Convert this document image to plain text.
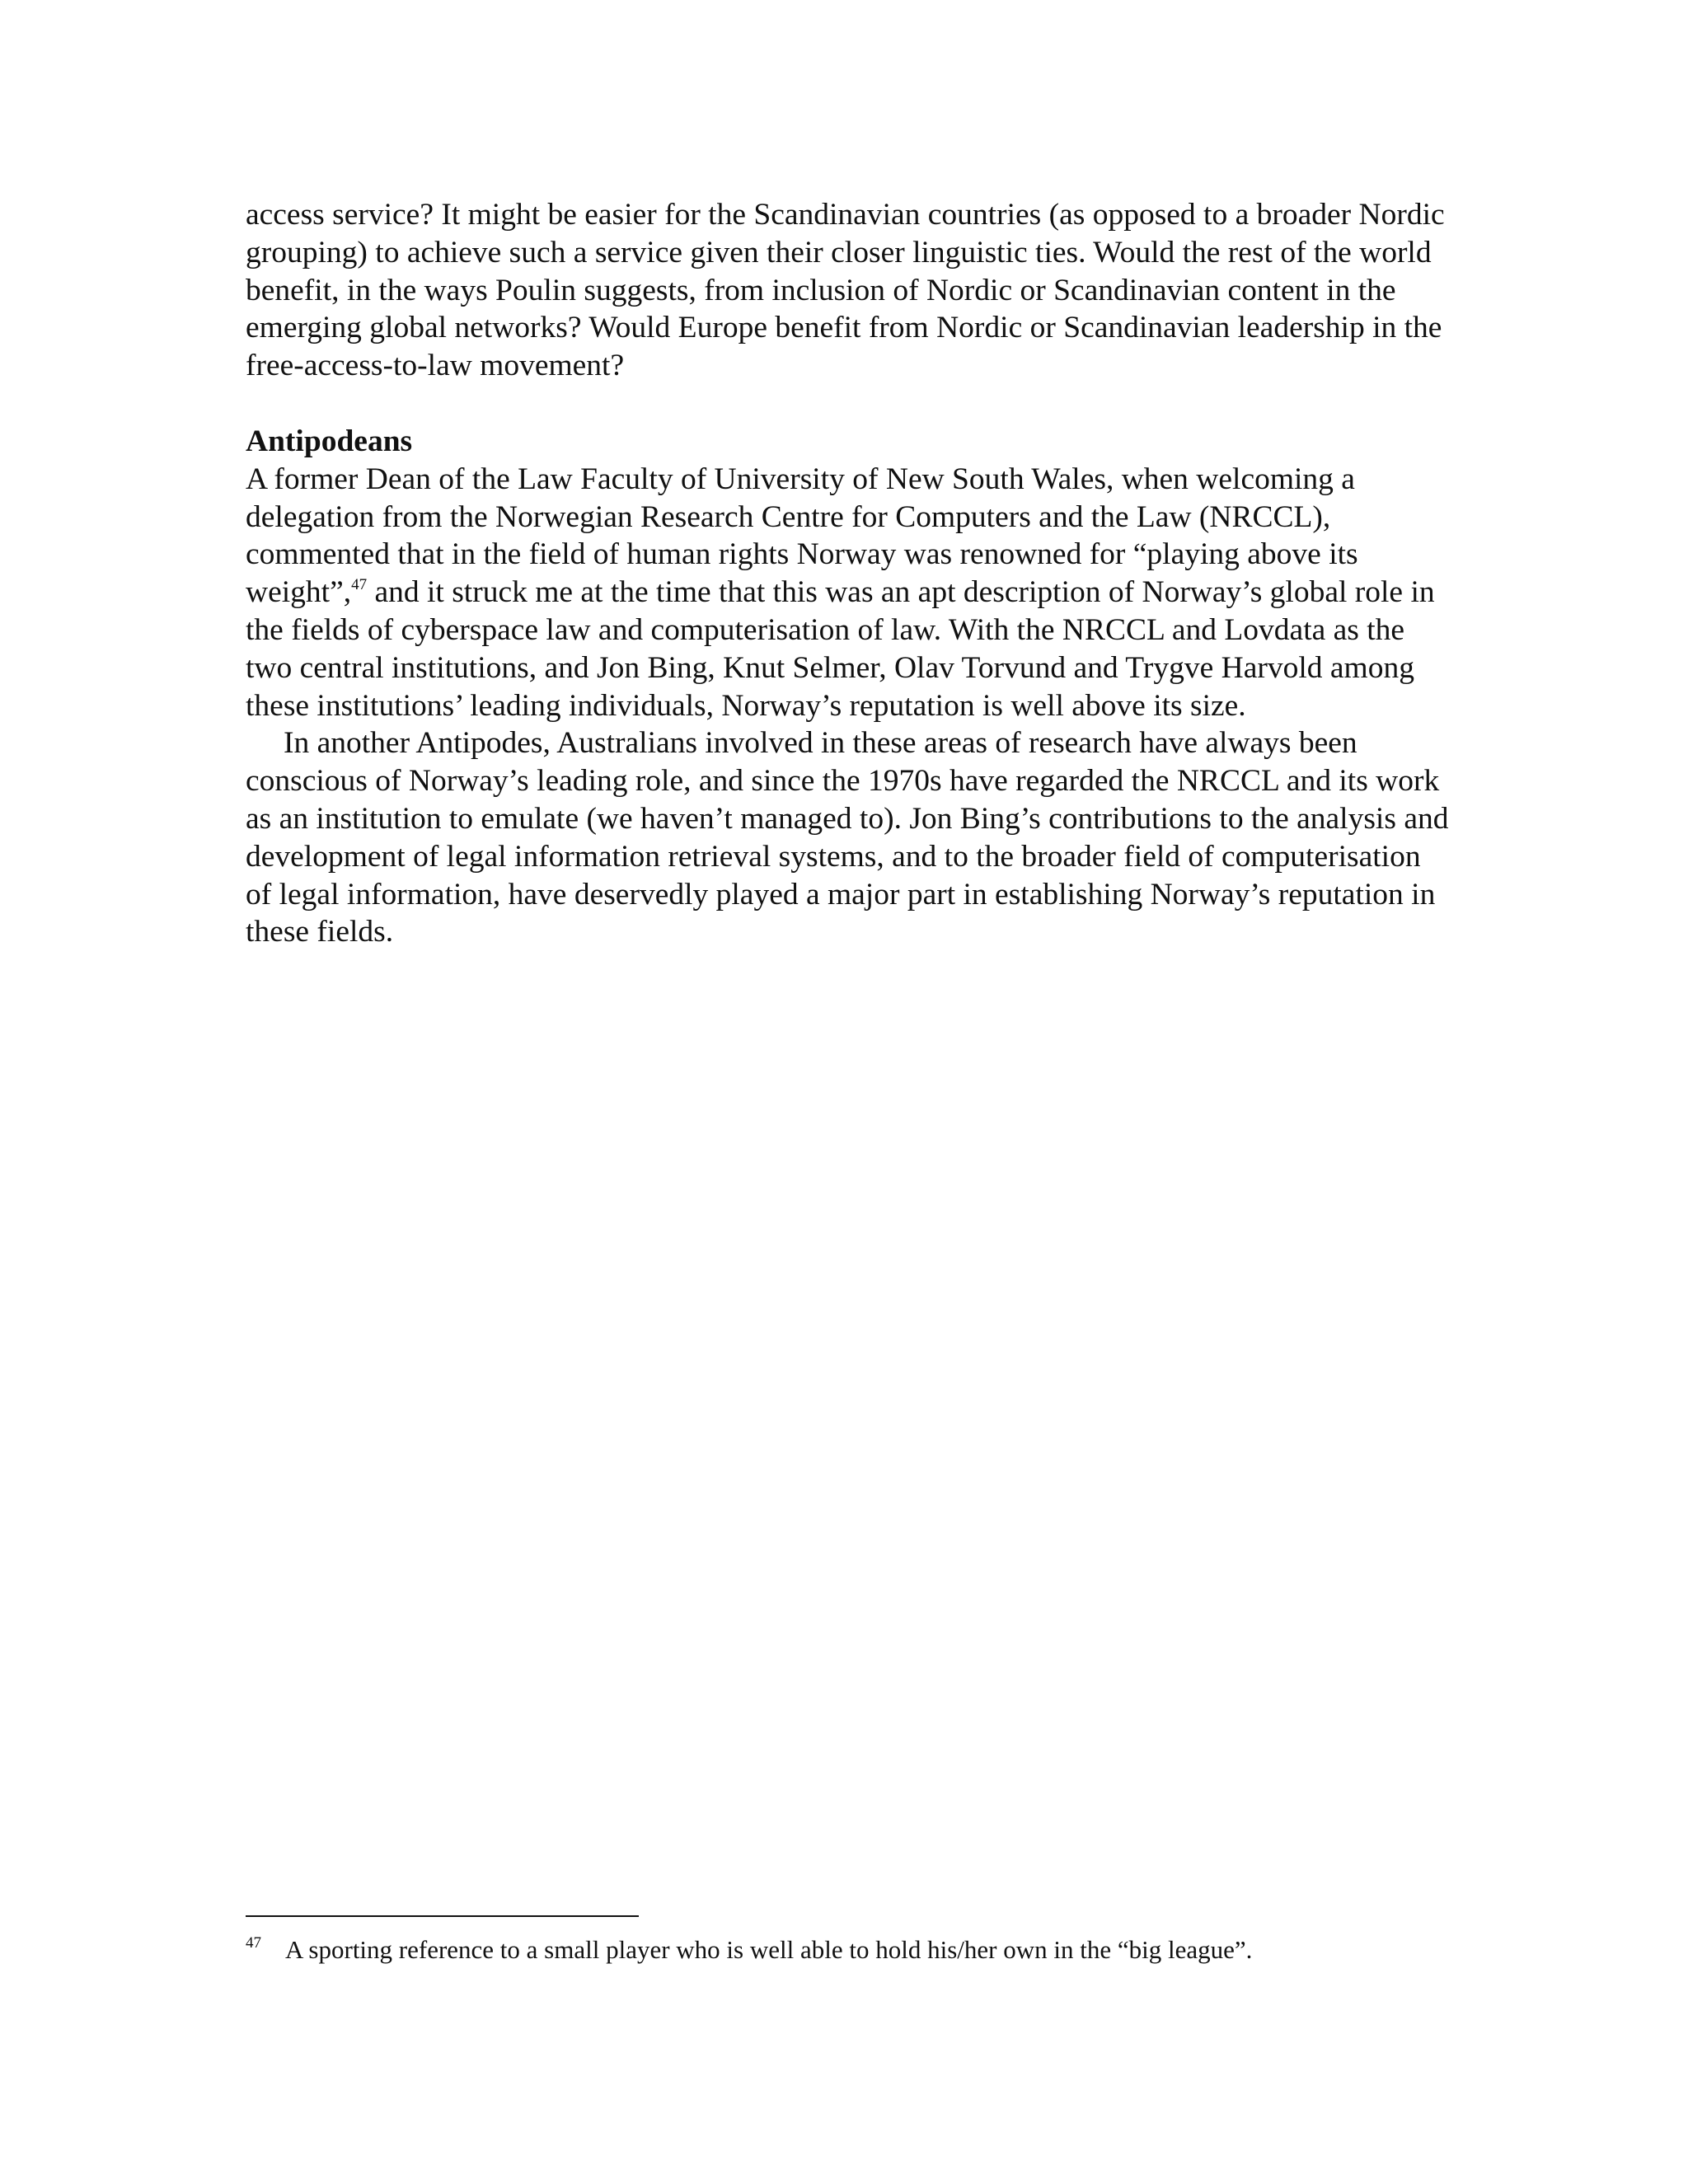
access service? It might be easier for the Scandinavian countries (as opposed to a broader Nordic grouping) to achieve such a service given their closer linguistic ties. Would the rest of the world benefit, in the ways Poulin suggests, from inclusion of Nordic or Scandinavian content in the emerging global networks? Would Europe benefit from Nordic or Scandinavian leadership in the free-access-to-law movement?

Antipodeans

A former Dean of the Law Faculty of University of New South Wales, when welcoming a delegation from the Norwegian Research Centre for Computers and the Law (NRCCL), commented that in the field of human rights Norway was renowned for “playing above its weight”,$^{47}$ and it struck me at the time that this was an apt description of Norway’s global role in the fields of cyberspace law and computerisation of law. With the NRCCL and Lovdata as the two central institutions, and Jon Bing, Knut Selmer, Olav Torvund and Trygve Harvold among these institutions’ leading individuals, Norway’s reputation is well above its size.

In another Antipodes, Australians involved in these areas of research have always been conscious of Norway’s leading role, and since the 1970s have regarded the NRCCL and its work as an institution to emulate (we haven’t managed to). Jon Bing’s contributions to the analysis and development of legal information retrieval systems, and to the broader field of computerisation of legal information, have deservedly played a major part in establishing Norway’s reputation in these fields.

47 A sporting reference to a small player who is well able to hold his/her own in the “big league”.
